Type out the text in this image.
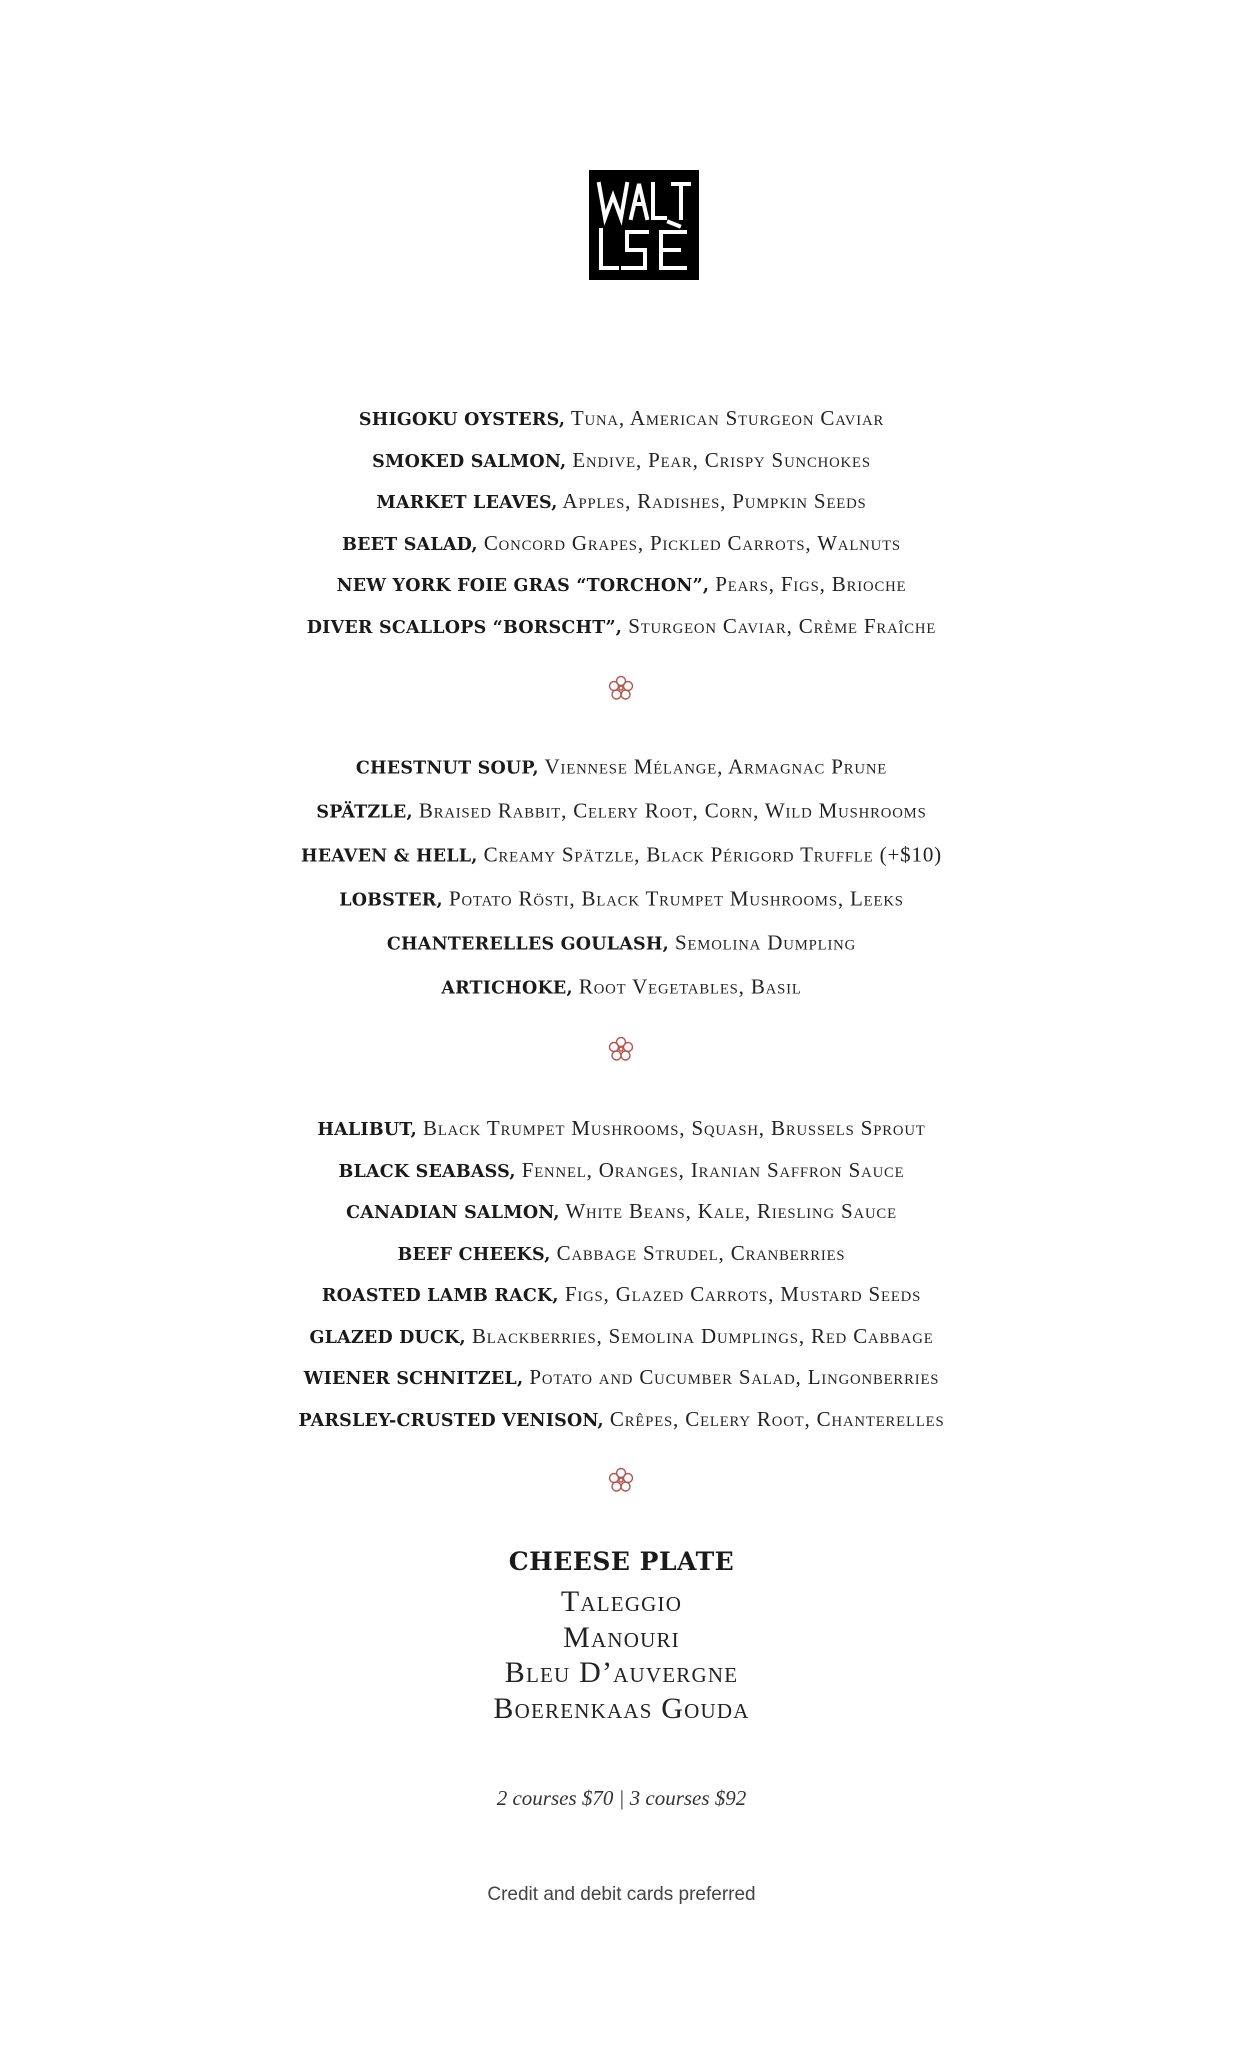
SHIGOKU OYSTERS, Tuna, American Sturgeon Caviar
SMOKED SALMON, Endive, Pear, Crispy Sunchokes
MARKET LEAVES, Apples, Radishes, Pumpkin Seeds
BEET SALAD, Concord Grapes, Pickled Carrots, Walnuts
NEW YORK FOIE GRAS “TORCHON”, Pears, Figs, Brioche
DIVER SCALLOPS “BORSCHT”, Sturgeon Caviar, Crème Fraîche
CHESTNUT SOUP, Viennese Mélange, Armagnac Prune
SPÄTZLE, Braised Rabbit, Celery Root, Corn, Wild Mushrooms
HEAVEN & HELL, Creamy Spätzle, Black Périgord Truffle (+$10)
LOBSTER, Potato Rösti, Black Trumpet Mushrooms, Leeks
CHANTERELLES GOULASH, Semolina Dumpling
ARTICHOKE, Root Vegetables, Basil
HALIBUT, Black Trumpet Mushrooms, Squash, Brussels Sprout
BLACK SEABASS, Fennel, Oranges, Iranian Saffron Sauce
CANADIAN SALMON, White Beans, Kale, Riesling Sauce
BEEF CHEEKS, Cabbage Strudel, Cranberries
ROASTED LAMB RACK, Figs, Glazed Carrots, Mustard Seeds
GLAZED DUCK, Blackberries, Semolina Dumplings, Red Cabbage
WIENER SCHNITZEL, Potato and Cucumber Salad, Lingonberries
PARSLEY-CRUSTED VENISON, Crêpes, Celery Root, Chanterelles
CHEESE PLATE
Taleggio
Manouri
Bleu D’auvergne
Boerenkaas Gouda
2 courses $70 | 3 courses $92
Credit and debit cards preferred
